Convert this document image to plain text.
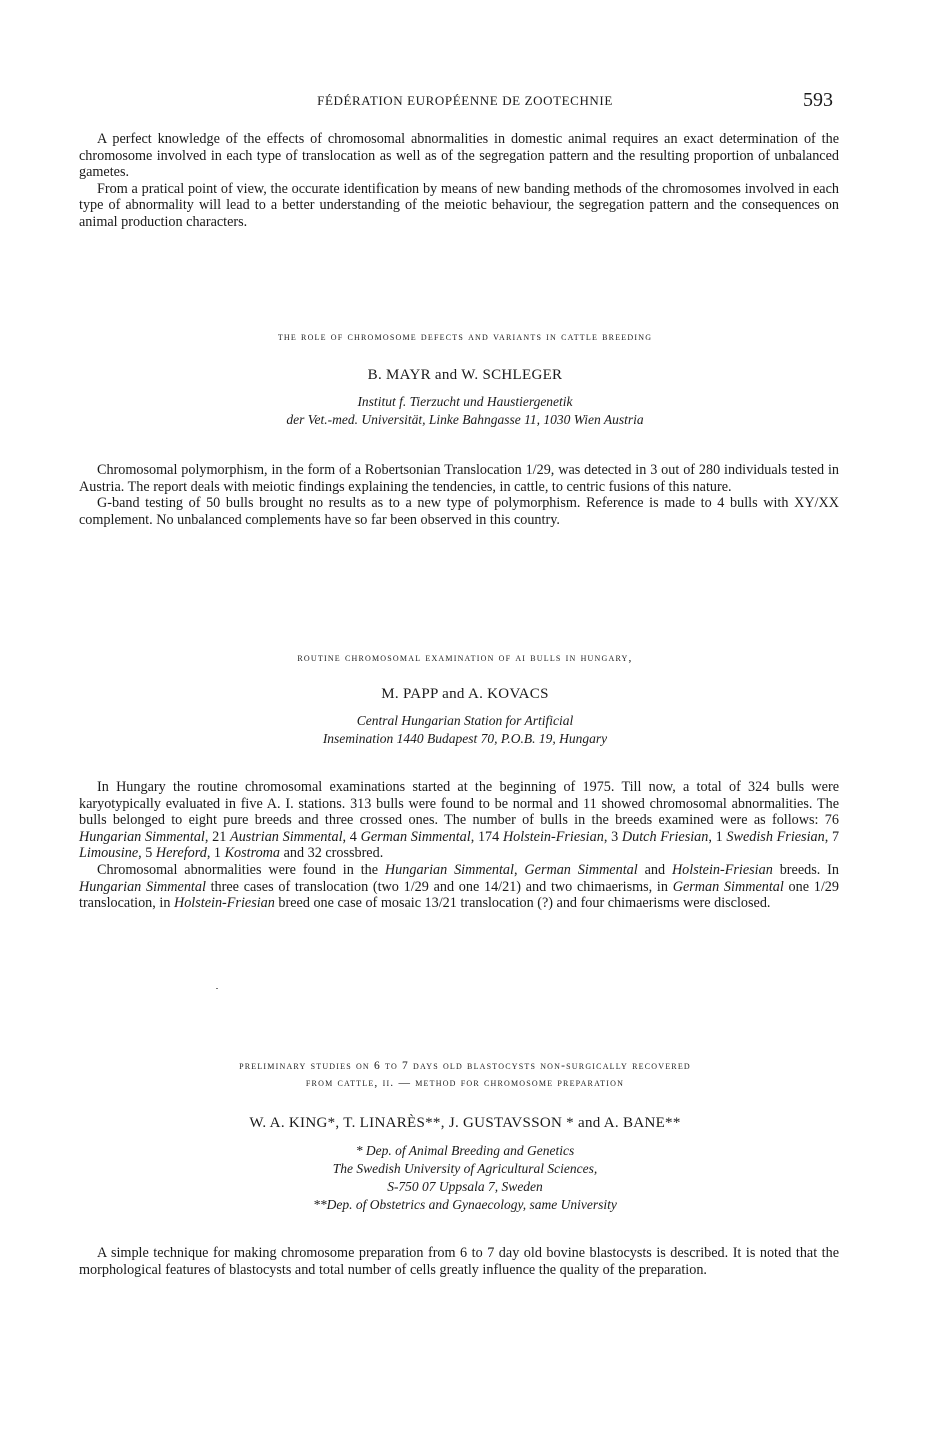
FÉDÉRATION EUROPÉENNE DE ZOOTECHNIE	593

A perfect knowledge of the effects of chromosomal abnormalities in domestic animal requires an exact determination of the chromosome involved in each type of translocation as well as of the segregation pattern and the resulting proportion of unbalanced gametes.

From a pratical point of view, the occurate identification by means of new banding methods of the chromosomes involved in each type of abnormality will lead to a better understanding of the meiotic behaviour, the segregation pattern and the consequences on animal production characters.

the role of chromosome defects and variants in cattle breeding
B. MAYR and W. SCHLEGER
Institut f. Tierzucht und Haustiergenetik
der Vet.-med. Universität, Linke Bahngasse 11, 1030 Wien Austria

Chromosomal polymorphism, in the form of a Robertsonian Translocation 1/29, was detected in 3 out of 280 individuals tested in Austria. The report deals with meiotic findings explaining the tendencies, in cattle, to centric fusions of this nature.

G-band testing of 50 bulls brought no results as to a new type of polymorphism. Reference is made to 4 bulls with XY/XX complement. No unbalanced complements have so far been observed in this country.

routine chromosomal examination of ai bulls in hungary,
M. PAPP and A. KOVACS
Central Hungarian Station for Artificial
Insemination 1440 Budapest 70, P.O.B. 19, Hungary

In Hungary the routine chromosomal examinations started at the beginning of 1975. Till now, a total of 324 bulls were karyotypically evaluated in five A. I. stations. 313 bulls were found to be normal and 11 showed chromosomal abnormalities. The bulls belonged to eight pure breeds and three crossed ones. The number of bulls in the breeds examined were as follows: 76 Hungarian Simmental, 21 Austrian Simmental, 4 German Simmental, 174 Holstein-Friesian, 3 Dutch Friesian, 1 Swedish Friesian, 7 Limousine, 5 Hereford, 1 Kostroma and 32 crossbred.

Chromosomal abnormalities were found in the Hungarian Simmental, German Simmental and Holstein-Friesian breeds. In Hungarian Simmental three cases of translocation (two 1/29 and one 14/21) and two chimaerisms, in German Simmental one 1/29 translocation, in Holstein-Friesian breed one case of mosaic 13/21 translocation (?) and four chimaerisms were disclosed.

preliminary studies on 6 to 7 days old blastocysts non-surgically recovered
from cattle, ii. — method for chromosome preparation
W. A. KING*, T. LINARÈS**, J. GUSTAVSSON * and A. BANE**
* Dep. of Animal Breeding and Genetics
The Swedish University of Agricultural Sciences,
S-750 07 Uppsala 7, Sweden
**Dep. of Obstetrics and Gynaecology, same University

A simple technique for making chromosome preparation from 6 to 7 day old bovine blastocysts is described. It is noted that the morphological features of blastocysts and total number of cells greatly influence the quality of the preparation.
